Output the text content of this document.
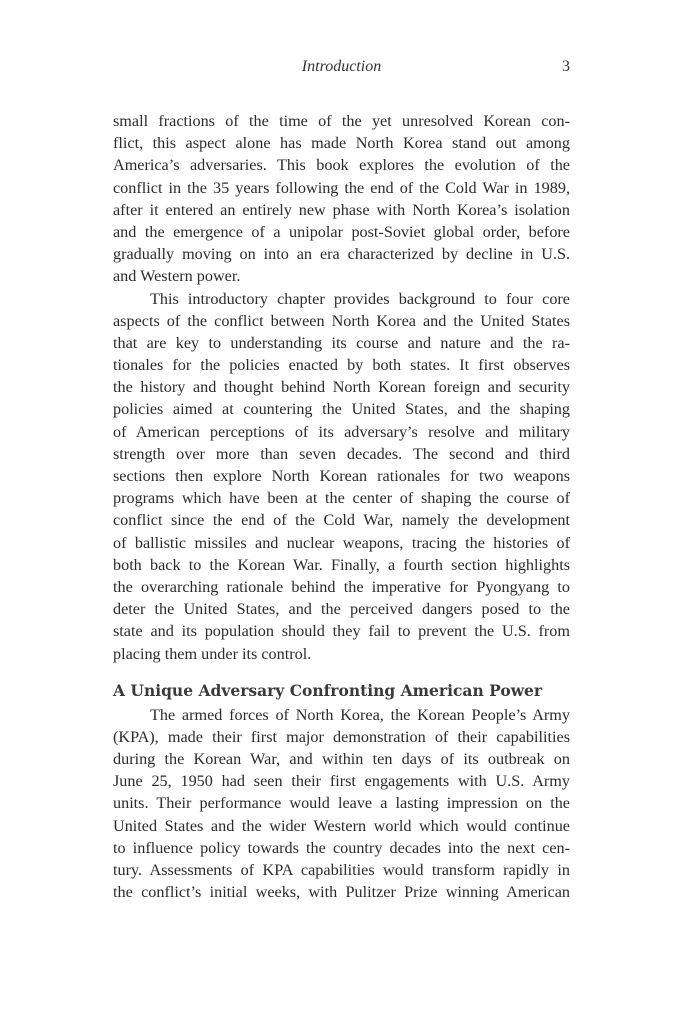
Introduction	3
small fractions of the time of the yet unresolved Korean con-
flict, this aspect alone has made North Korea stand out among
America’s adversaries. This book explores the evolution of the
conflict in the 35 years following the end of the Cold War in 1989,
after it entered an entirely new phase with North Korea’s isolation
and the emergence of a unipolar post-Soviet global order, before
gradually moving on into an era characterized by decline in U.S.
and Western power.
This introductory chapter provides background to four core
aspects of the conflict between North Korea and the United States
that are key to understanding its course and nature and the ra-
tionales for the policies enacted by both states. It first observes
the history and thought behind North Korean foreign and security
policies aimed at countering the United States, and the shaping
of American perceptions of its adversary’s resolve and military
strength over more than seven decades. The second and third
sections then explore North Korean rationales for two weapons
programs which have been at the center of shaping the course of
conflict since the end of the Cold War, namely the development
of ballistic missiles and nuclear weapons, tracing the histories of
both back to the Korean War. Finally, a fourth section highlights
the overarching rationale behind the imperative for Pyongyang to
deter the United States, and the perceived dangers posed to the
state and its population should they fail to prevent the U.S. from
placing them under its control.
A Unique Adversary Confronting American Power
The armed forces of North Korea, the Korean People’s Army
(KPA), made their first major demonstration of their capabilities
during the Korean War, and within ten days of its outbreak on
June 25, 1950 had seen their first engagements with U.S. Army
units. Their performance would leave a lasting impression on the
United States and the wider Western world which would continue
to influence policy towards the country decades into the next cen-
tury. Assessments of KPA capabilities would transform rapidly in
the conflict’s initial weeks, with Pulitzer Prize winning American
